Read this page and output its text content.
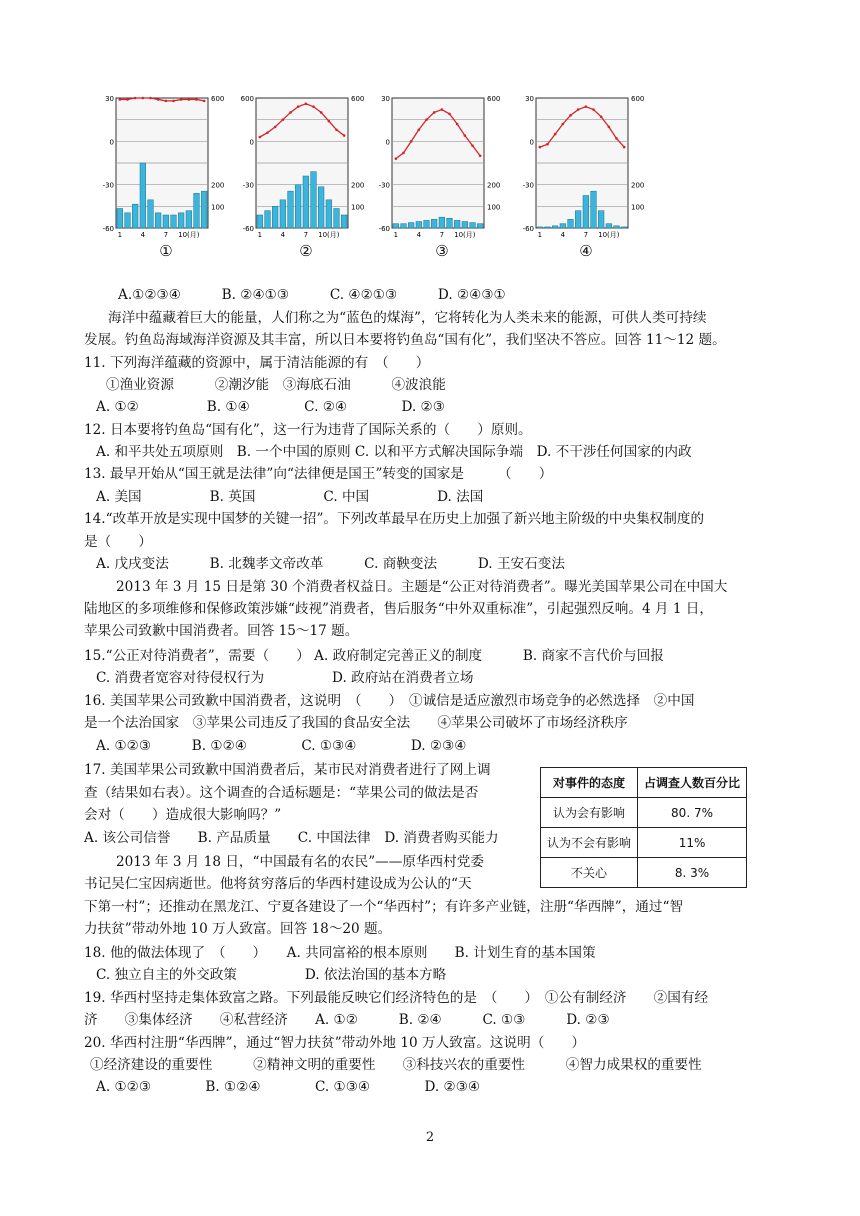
30
0
-30
-60
600
200
100
1	4	7 10(月)
①
600
0
-30
-60
600
200
100
1	4	7 10(月)
②
30
0
-30
-60
600
200
100
1	4	7 10(月)
③
30
0
-30
-60
600
200
100
1	4	7 10(月)
④
A.①②③④　　　B. ②④①③　　　C. ④②①③　　　D. ②④③①
海洋中蕴藏着巨大的能量，人们称之为“蓝色的煤海”，它将转化为人类未来的能源，可供人类可持续
发展。钓鱼岛海域海洋资源及其丰富，所以日本要将钓鱼岛“国有化”，我们坚决不答应。回答 11～12 题。
11. 下列海洋蕴藏的资源中，属于清洁能源的有　（　　）
①渔业资源　　　②潮汐能　③海底石油　　　④波浪能
A. ①②　　　　　B. ①④　　　　C. ②④　　　　D. ②③
12. 日本要将钓鱼岛“国有化”，这一行为违背了国际关系的（　　）原则。
A. 和平共处五项原则　B. 一个中国的原则 C. 以和平方式解决国际争端　D. 不干涉任何国家的内政
13. 最早开始从“国王就是法律”向“法律便是国王”转变的国家是　　　（　　）
A. 美国　　　　　B. 英国　　　　　C. 中国　　　　　D. 法国
14.“改革开放是实现中国梦的关键一招”。下列改革最早在历史上加强了新兴地主阶级的中央集权制度的
是（　　）
A. 戊戌变法　　　B. 北魏孝文帝改革　　　C. 商鞅变法　　　D. 王安石变法
2013 年 3 月 15 日是第 30 个消费者权益日。主题是“公正对待消费者”。曝光美国苹果公司在中国大
陆地区的多项维修和保修政策涉嫌“歧视”消费者，售后服务“中外双重标准”，引起强烈反响。4 月 1 日，
苹果公司致歉中国消费者。回答 15～17 题。
15.“公正对待消费者”，需要（　　） A. 政府制定完善正义的制度　　　B. 商家不言代价与回报
C. 消费者宽容对待侵权行为　　　　　D. 政府站在消费者立场
16. 美国苹果公司致歉中国消费者，这说明　（　　）　①诚信是适应激烈市场竞争的必然选择　②中国
是一个法治国家　③苹果公司违反了我国的食品安全法　　④苹果公司破坏了市场经济秩序
A. ①②③　　　B. ①②④　　　　C. ①③④　　　　D. ②③④
17. 美国苹果公司致歉中国消费者后，某市民对消费者进行了网上调
查（结果如右表）。这个调查的合适标题是：“苹果公司的做法是否
会对（　　）造成很大影响吗？”
A. 该公司信誉　　B. 产品质量　　C. 中国法律　D. 消费者购买能力
2013 年 3 月 18 日，“中国最有名的农民”——原华西村党委
书记吴仁宝因病逝世。他将贫穷落后的华西村建设成为公认的“天
下第一村”；还推动在黑龙江、宁夏各建设了一个“华西村”；有许多产业链，注册“华西牌”，通过“智
力扶贫”带动外地 10 万人致富。回答 18～20 题。
18. 他的做法体现了　（　　）　　A. 共同富裕的根本原则　　B. 计划生育的基本国策
C. 独立自主的外交政策　　　　　D. 依法治国的基本方略
19. 华西村坚持走集体致富之路。下列最能反映它们经济特色的是　（　　）　①公有制经济　　②国有经
济　　③集体经济　　④私营经济　　A. ①②　　　B. ②④　　　C. ①③　　　D. ②③
20. 华西村注册“华西牌”，通过“智力扶贫”带动外地 10 万人致富。这说明（　　）
①经济建设的重要性　　　②精神文明的重要性　　③科技兴农的重要性　　　④智力成果权的重要性
A. ①②③　　　　B. ①②④　　　　C. ①③④　　　　D. ②③④
对事件的态度	占调查人数百分比
认为会有影响	80. 7%
认为不会有影响	11%
不关心	8. 3%
2
